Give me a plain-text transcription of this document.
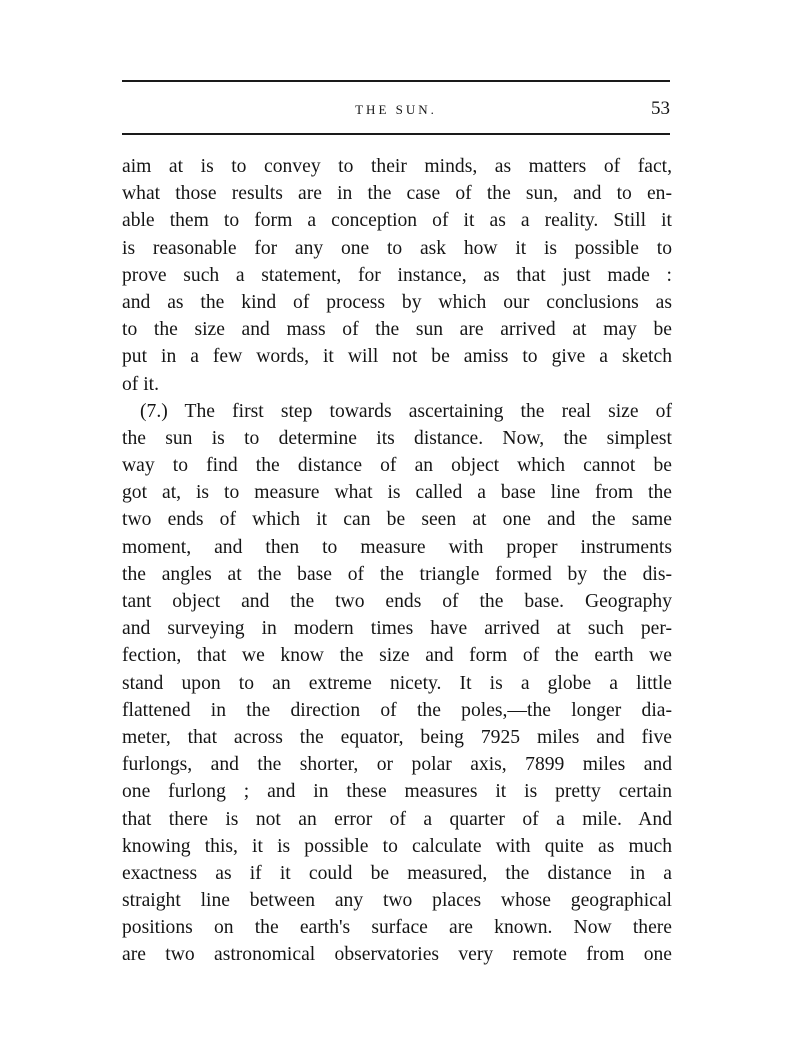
THE SUN.	53
aim at is to convey to their minds, as matters of fact,
what those results are in the case of the sun, and to en-
able them to form a conception of it as a reality. Still it
is reasonable for any one to ask how it is possible to
prove such a statement, for instance, as that just made :
and as the kind of process by which our conclusions as
to the size and mass of the sun are arrived at may be
put in a few words, it will not be amiss to give a sketch
of it.
(7.) The first step towards ascertaining the real size of
the sun is to determine its distance. Now, the simplest
way to find the distance of an object which cannot be
got at, is to measure what is called a base line from the
two ends of which it can be seen at one and the same
moment, and then to measure with proper instruments
the angles at the base of the triangle formed by the dis-
tant object and the two ends of the base. Geography
and surveying in modern times have arrived at such per-
fection, that we know the size and form of the earth we
stand upon to an extreme nicety. It is a globe a little
flattened in the direction of the poles,—the longer dia-
meter, that across the equator, being 7925 miles and five
furlongs, and the shorter, or polar axis, 7899 miles and
one furlong ; and in these measures it is pretty certain
that there is not an error of a quarter of a mile. And
knowing this, it is possible to calculate with quite as much
exactness as if it could be measured, the distance in a
straight line between any two places whose geographical
positions on the earth's surface are known. Now there
are two astronomical observatories very remote from one
